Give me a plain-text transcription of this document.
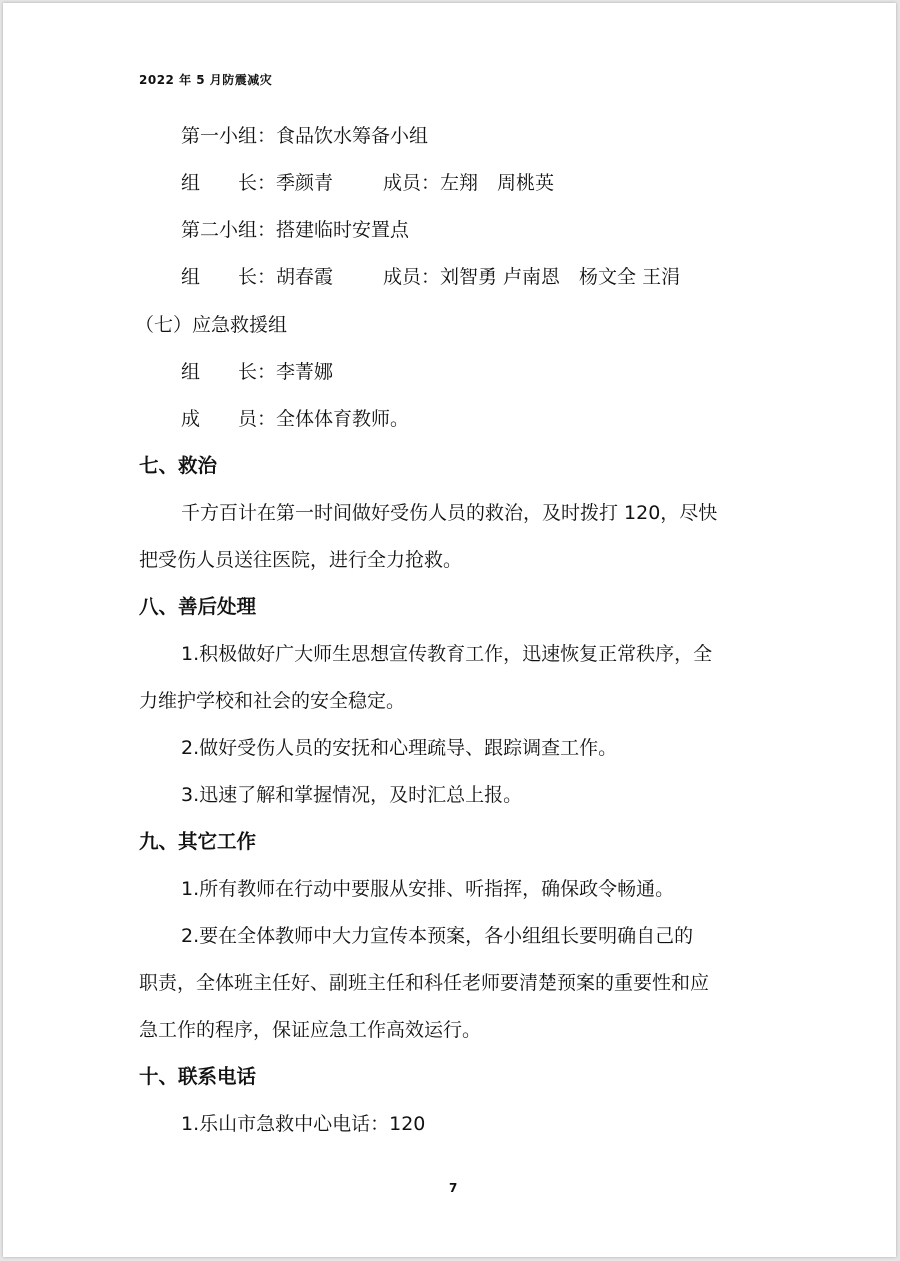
2022 年 5 月防震减灾
第一小组：食品饮水筹备小组
组　　长：季颜青	成员：左翔　周桃英
第二小组：搭建临时安置点
组　　长：胡春霞	成员：刘智勇 卢南恩　杨文全 王涓
（七）应急救援组
组　　长：李菁娜
成　　员：全体体育教师。
七、救治
千方百计在第一时间做好受伤人员的救治，及时拨打 120，尽快
把受伤人员送往医院，进行全力抢救。
八、善后处理
1.积极做好广大师生思想宣传教育工作，迅速恢复正常秩序，全
力维护学校和社会的安全稳定。
2.做好受伤人员的安抚和心理疏导、跟踪调查工作。
3.迅速了解和掌握情况，及时汇总上报。
九、其它工作
1.所有教师在行动中要服从安排、听指挥，确保政令畅通。
2.要在全体教师中大力宣传本预案，各小组组长要明确自己的
职责，全体班主任好、副班主任和科任老师要清楚预案的重要性和应
急工作的程序，保证应急工作高效运行。
十、联系电话
1.乐山市急救中心电话：120
7
